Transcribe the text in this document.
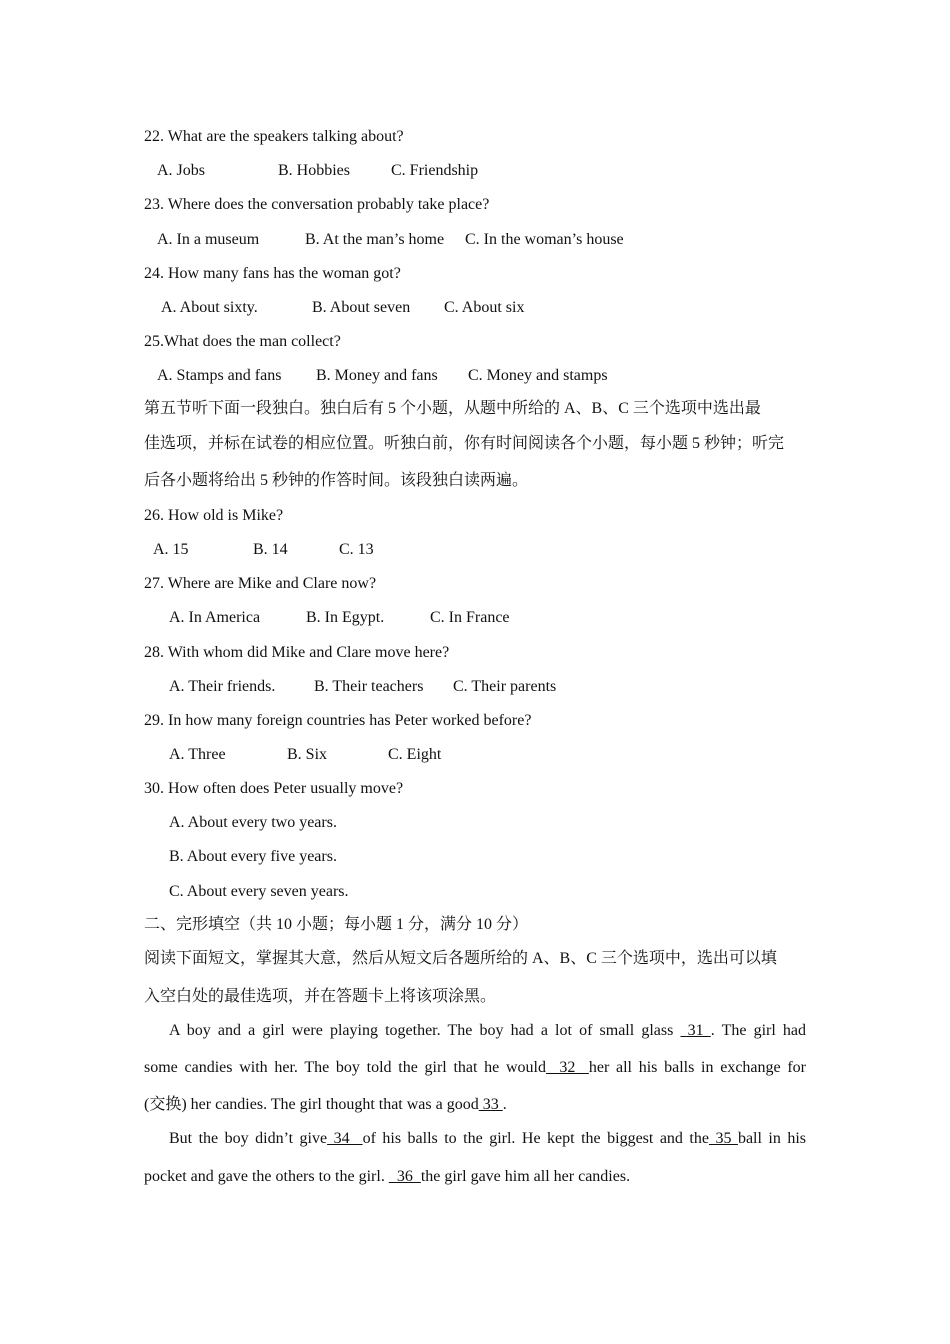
22. What are the speakers talking about?
A. Jobs	B. Hobbies	C. Friendship
23. Where does the conversation probably take place?
A. In a museum	B. At the man’s home C. In the woman’s house
24. How many fans has the woman got?
A. About sixty.	B. About seven C. About six
25.What does the man collect?
A. Stamps and fans B. Money and fans C. Money and stamps
第五节听下面一段独白。独白后有 5 个小题，从题中所给的 A、B、C 三个选项中选出最
佳选项，并标在试卷的相应位置。听独白前，你有时间阅读各个小题，每小题 5 秒钟；听完
后各小题将给出 5 秒钟的作答时间。该段独白读两遍。
26. How old is Mike?
A. 15	B. 14	C. 13
27. Where are Mike and Clare now?
A. In America	B. In Egypt.	C. In France
28. With whom did Mike and Clare move here?
A. Their friends. B. Their teachers C. Their parents
29. In how many foreign countries has Peter worked before?
A. Three	B. Six	C. Eight
30. How often does Peter usually move?
A. About every two years.
B. About every five years.
C. About every seven years.
二、完形填空（共 10 小题；每小题 1 分，满分 10 分）
阅读下面短文，掌握其大意，然后从短文后各题所给的 A、B、C 三个选项中，选出可以填
入空白处的最佳选项，并在答题卡上将该项涂黑。
A boy and a girl were playing together. The boy had a lot of small glass  31 . The girl had
some candies with her. The boy told the girl that he would  32  her all his balls in exchange for
(交换) her candies. The girl thought that was a good 33 .
But the boy didn’t give 34  of his balls to the girl. He kept the biggest and the 35 ball in his
pocket and gave the others to the girl.   36  the girl gave him all her candies.
